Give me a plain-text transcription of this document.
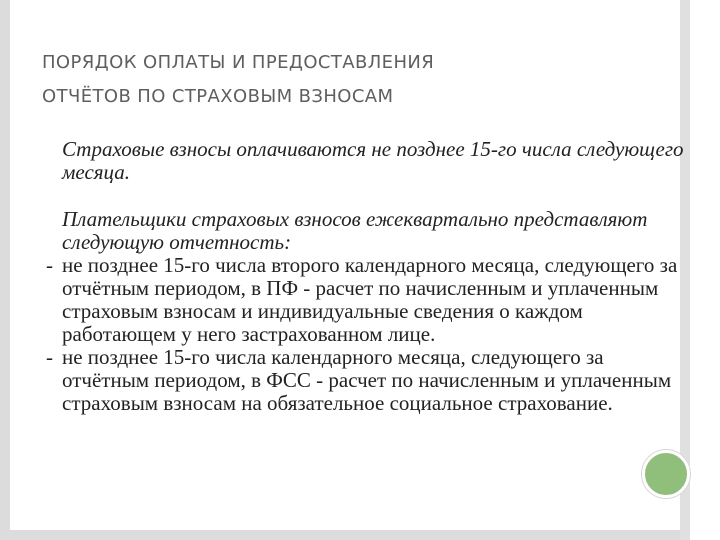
ПОРЯДОК ОПЛАТЫ И ПРЕДОСТАВЛЕНИЯ
ОТЧЁТОВ ПО СТРАХОВЫМ ВЗНОСАМ

Страховые взносы оплачиваются не позднее 15-го числа следующего месяца.

Плательщики страховых взносов ежеквартально представляют следующую отчетность:

- не позднее 15-го числа второго календарного месяца, следующего за отчётным периодом, в ПФ - расчет по начисленным и уплаченным страховым взносам и индивидуальные сведения о каждом работающем у него застрахованном лице.
- не позднее 15-го числа календарного месяца, следующего за отчётным периодом, в ФСС - расчет по начисленным и уплаченным страховым взносам на обязательное социальное страхование.
